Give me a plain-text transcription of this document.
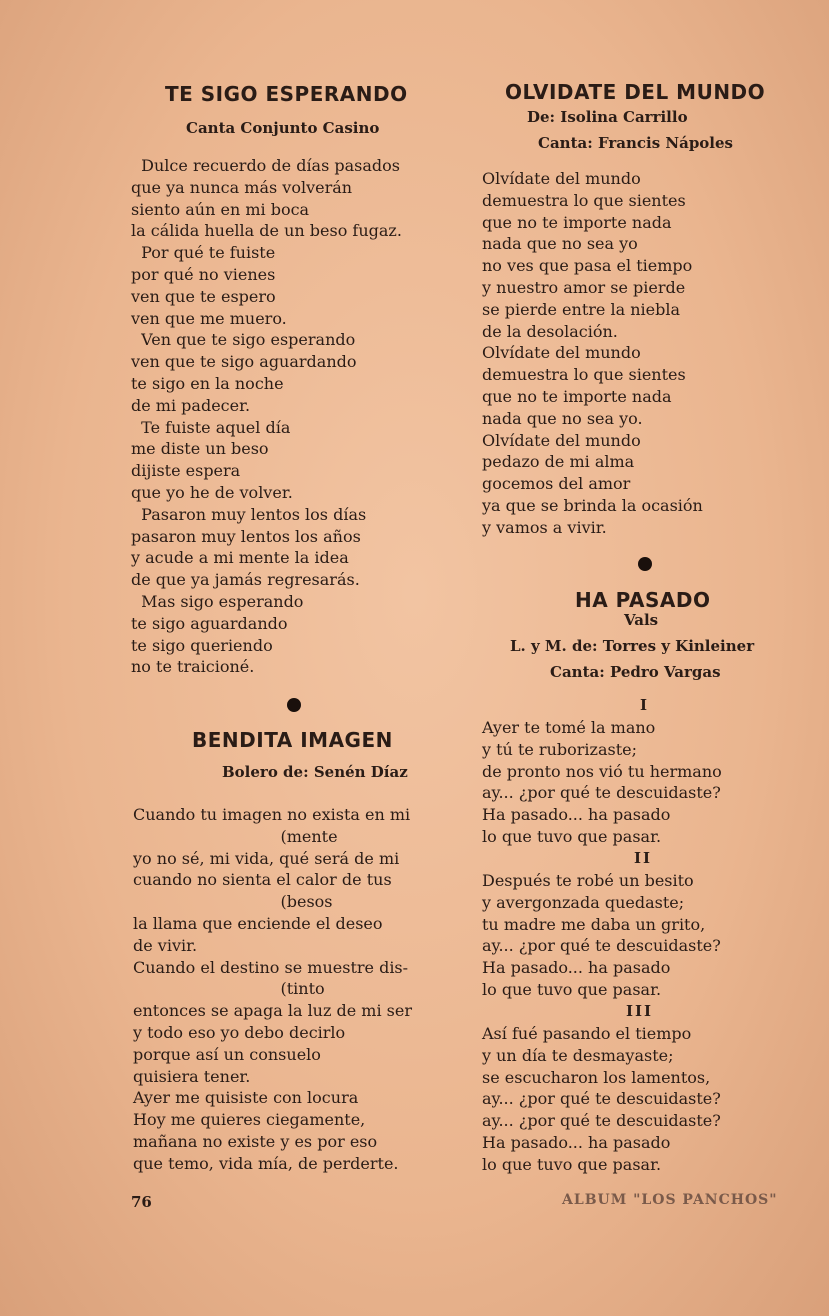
TE SIGO ESPERANDO
Canta Conjunto Casino
Dulce recuerdo de días pasados
que ya nunca más volverán
siento aún en mi boca
la cálida huella de un beso fugaz.
Por qué te fuiste
por qué no vienes
ven que te espero
ven que me muero.
Ven que te sigo esperando
ven que te sigo aguardando
te sigo en la noche
de mi padecer.
Te fuiste aquel día
me diste un beso
dijiste espera
que yo he de volver.
Pasaron muy lentos los días
pasaron muy lentos los años
y acude a mi mente la idea
de que ya jamás regresarás.
Mas sigo esperando
te sigo aguardando
te sigo queriendo
no te traicioné.
BENDITA IMAGEN
Bolero de: Senén Díaz
Cuando tu imagen no exista en mi
(mente
yo no sé, mi vida, qué será de mi
cuando no sienta el calor de tus
(besos
la llama que enciende el deseo
de vivir.
Cuando el destino se muestre dis-
(tinto
entonces se apaga la luz de mi ser
y todo eso yo debo decirlo
porque así un consuelo
quisiera tener.
Ayer me quisiste con locura
Hoy me quieres ciegamente,
mañana no existe y es por eso
que temo, vida mía, de perderte.
76
OLVIDATE DEL MUNDO
De: Isolina Carrillo
Canta: Francis Nápoles
Olvídate del mundo
demuestra lo que sientes
que no te importe nada
nada que no sea yo
no ves que pasa el tiempo
y nuestro amor se pierde
se pierde entre la niebla
de la desolación.
Olvídate del mundo
demuestra lo que sientes
que no te importe nada
nada que no sea yo.
Olvídate del mundo
pedazo de mi alma
gocemos del amor
ya que se brinda la ocasión
y vamos a vivir.
HA PASADO
Vals
L. y M. de: Torres y Kinleiner
Canta: Pedro Vargas
I
Ayer te tomé la mano
y tú te ruborizaste;
de pronto nos vió tu hermano
ay... ¿por qué te descuidaste?
Ha pasado... ha pasado
lo que tuvo que pasar.
II
Después te robé un besito
y avergonzada quedaste;
tu madre me daba un grito,
ay... ¿por qué te descuidaste?
Ha pasado... ha pasado
lo que tuvo que pasar.
III
Así fué pasando el tiempo
y un día te desmayaste;
se escucharon los lamentos,
ay... ¿por qué te descuidaste?
ay... ¿por qué te descuidaste?
Ha pasado... ha pasado
lo que tuvo que pasar.
ALBUM "LOS PANCHOS"
